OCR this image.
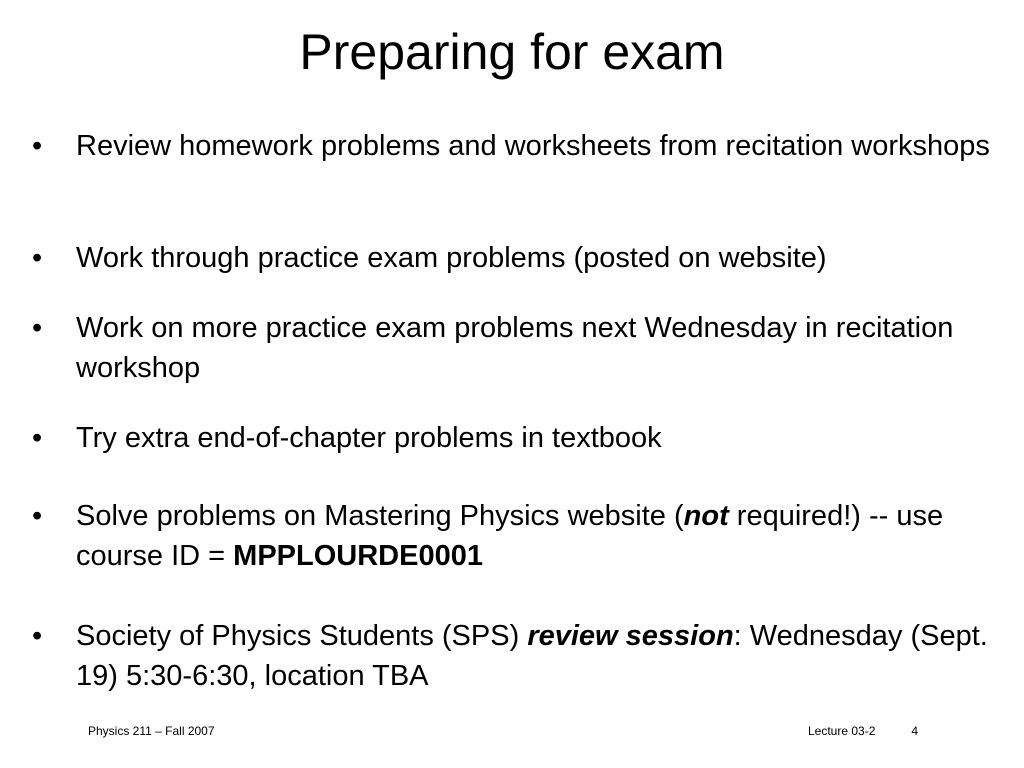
Preparing for exam
• Review homework problems and worksheets from recitation workshops
• Work through practice exam problems (posted on website)
• Work on more practice exam problems next Wednesday in recitation workshop
• Try extra end-of-chapter problems in textbook
• Solve problems on Mastering Physics website (not required!) -- use course ID = MPPLOURDE0001
• Society of Physics Students (SPS) review session: Wednesday (Sept. 19) 5:30-6:30, location TBA
Physics 211 – Fall 2007	Lecture 03-2	4
